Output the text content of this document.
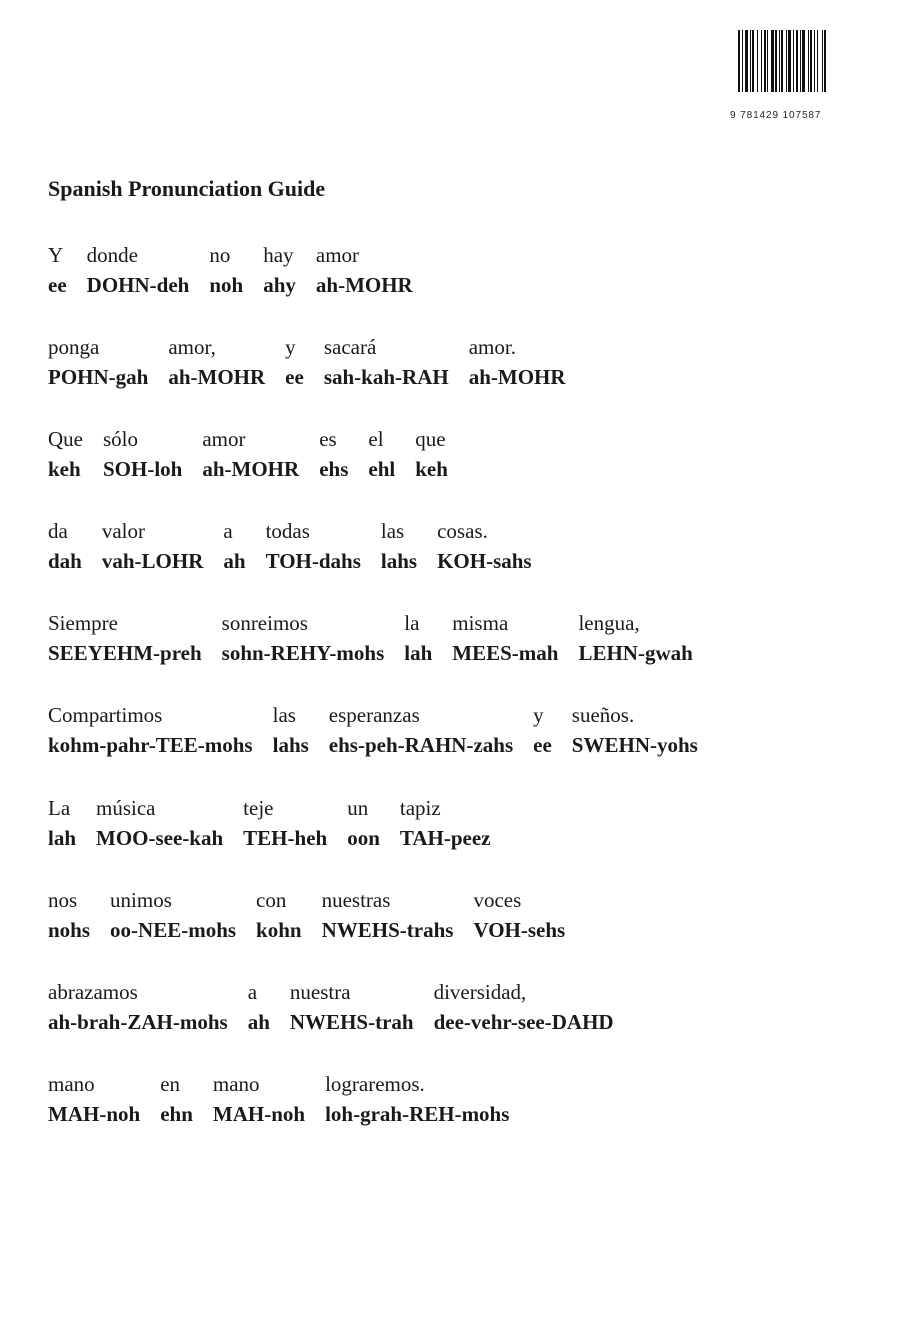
9 781429 107587
Spanish Pronunciation Guide
Y
ee
donde
DOHN-deh
no
noh
hay
ahy
amor
ah-MOHR
ponga
POHN-gah
amor,
ah-MOHR
y
ee
sacará
sah-kah-RAH
amor.
ah-MOHR
Que
keh
sólo
SOH-loh
amor
ah-MOHR
es
ehs
el
ehl
que
keh
da
dah
valor
vah-LOHR
a
ah
todas
TOH-dahs
las
lahs
cosas.
KOH-sahs
Siempre
SEEYEHM-preh
sonreimos
sohn-REHY-mohs
la
lah
misma
MEES-mah
lengua,
LEHN-gwah
Compartimos
kohm-pahr-TEE-mohs
las
lahs
esperanzas
ehs-peh-RAHN-zahs
y
ee
sueños.
SWEHN-yohs
La
lah
música
MOO-see-kah
teje
TEH-heh
un
oon
tapiz
TAH-peez
nos
nohs
unimos
oo-NEE-mohs
con
kohn
nuestras
NWEHS-trahs
voces
VOH-sehs
abrazamos
ah-brah-ZAH-mohs
a
ah
nuestra
NWEHS-trah
diversidad,
dee-vehr-see-DAHD
mano
MAH-noh
en
ehn
mano
MAH-noh
lograremos.
loh-grah-REH-mohs
